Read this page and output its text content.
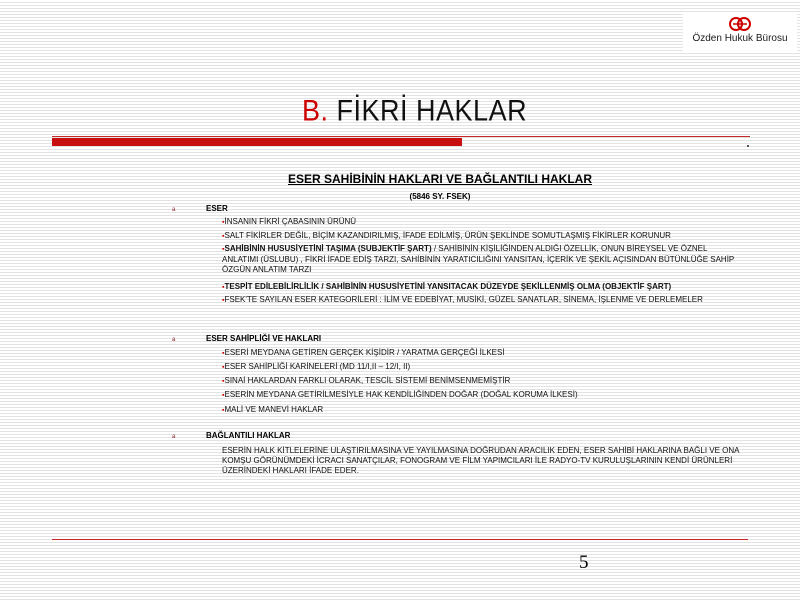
Özden Hukuk Bürosu
B. FİKRİ HAKLAR

ESER SAHİBİNİN HAKLARI VE BAĞLANTILI HAKLAR

(5846 SY. FSEK)

a	ESER

▪İNSANIN FİKRİ ÇABASININ ÜRÜNÜ

▪SALT FİKİRLER DEĞİL, BİÇİM KAZANDIRILMIŞ, İFADE EDİLMİŞ, ÜRÜN ŞEKLİNDE SOMUTLAŞMIŞ FİKİRLER KORUNUR

▪SAHİBİNİN HUSUSİYETİNİ TAŞIMA (SUBJEKTİF ŞART) / SAHİBİNİN KİŞİLİĞİNDEN ALDIĞI ÖZELLİK, ONUN BİREYSEL VE ÖZNEL ANLATIMI (ÜSLUBU) , FİKRİ İFADE EDİŞ TARZI, SAHİBİNİN YARATICILIĞINI YANSITAN, İÇERİK VE ŞEKİL AÇISINDAN BÜTÜNLÜĞE SAHİP ÖZGÜN ANLATIM TARZI

▪TESPİT EDİLEBİLİRLİLİK / SAHİBİNİN HUSUSİYETİNİ YANSITACAK DÜZEYDE ŞEKİLLENMİŞ OLMA (OBJEKTİF ŞART)

▪FSEK'TE SAYILAN ESER KATEGORİLERİ : İLİM VE EDEBİYAT, MUSİKİ, GÜZEL SANATLAR, SİNEMA, İŞLENME VE DERLEMELER

a	ESER SAHİPLİĞİ VE HAKLARI

▪ESERİ MEYDANA GETİREN GERÇEK KİŞİDİR / YARATMA GERÇEĞİ İLKESİ

▪ESER SAHİPLİĞİ KARİNELERİ (MD 11/I,II – 12/I, II)

▪SINAİ HAKLARDAN FARKLI OLARAK, TESCİL SİSTEMİ BENİMSENMEMİŞTİR

▪ESERİN MEYDANA GETİRİLMESİYLE HAK KENDİLİĞİNDEN DOĞAR (DOĞAL KORUMA İLKESİ)

▪MALİ VE MANEVİ HAKLAR

a	BAĞLANTILI HAKLAR

ESERİN HALK KİTLELERİNE ULAŞTIRILMASINA VE YAYILMASINA DOĞRUDAN ARACILIK EDEN, ESER SAHİBİ HAKLARINA BAĞLI VE ONA KOMŞU GÖRÜNÜMDEKİ İCRACI SANATÇILAR, FONOGRAM VE FİLM YAPIMCILARI İLE RADYO-TV KURULUŞLARININ KENDİ ÜRÜNLERİ ÜZERİNDEKİ HAKLARI İFADE EDER.

5
